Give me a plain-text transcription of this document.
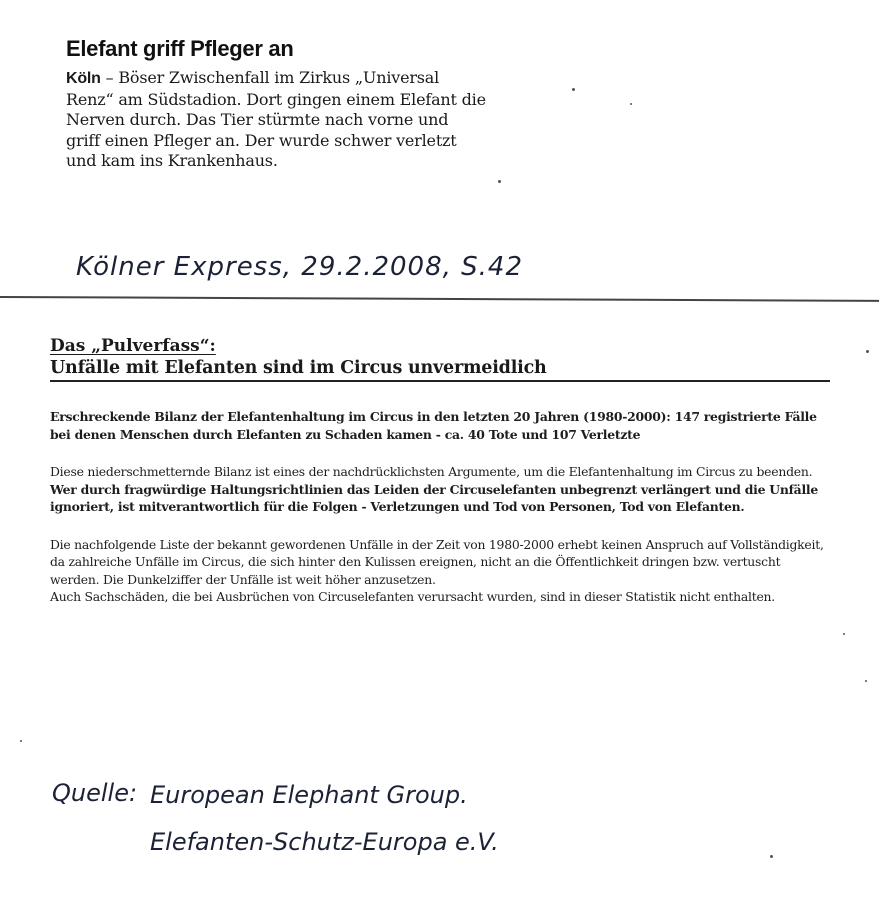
Elefant griff Pfleger an

Köln – Böser Zwischenfall im Zirkus „Universal Renz“ am Südstadion. Dort gingen einem Elefant die Nerven durch. Das Tier stürmte nach vorne und griff einen Pfleger an. Der wurde schwer verletzt und kam ins Krankenhaus.

Kölner Express, 29.2.2008, S.42
Das „Pulverfass“:
Unfälle mit Elefanten sind im Circus unvermeidlich

Erschreckende Bilanz der Elefantenhaltung im Circus in den letzten 20 Jahren (1980-2000): 147 registrierte Fälle bei denen Menschen durch Elefanten zu Schaden kamen - ca. 40 Tote und 107 Verletzte

Diese niederschmetternde Bilanz ist eines der nachdrücklichsten Argumente, um die Elefantenhaltung im Circus zu beenden.

Wer durch fragwürdige Haltungsrichtlinien das Leiden der Circuselefanten unbegrenzt verlängert und die Unfälle ignoriert, ist mitverantwortlich für die Folgen - Verletzungen und Tod von Personen, Tod von Elefanten.

Die nachfolgende Liste der bekannt gewordenen Unfälle in der Zeit von 1980-2000 erhebt keinen Anspruch auf Vollständigkeit, da zahlreiche Unfälle im Circus, die sich hinter den Kulissen ereignen, nicht an die Öffentlichkeit dringen bzw. vertuscht werden. Die Dunkelziffer der Unfälle ist weit höher anzusetzen.

Auch Sachschäden, die bei Ausbrüchen von Circuselefanten verursacht wurden, sind in dieser Statistik nicht enthalten.

Quelle: European Elephant Group.
Elefanten-Schutz-Europa e.V.
